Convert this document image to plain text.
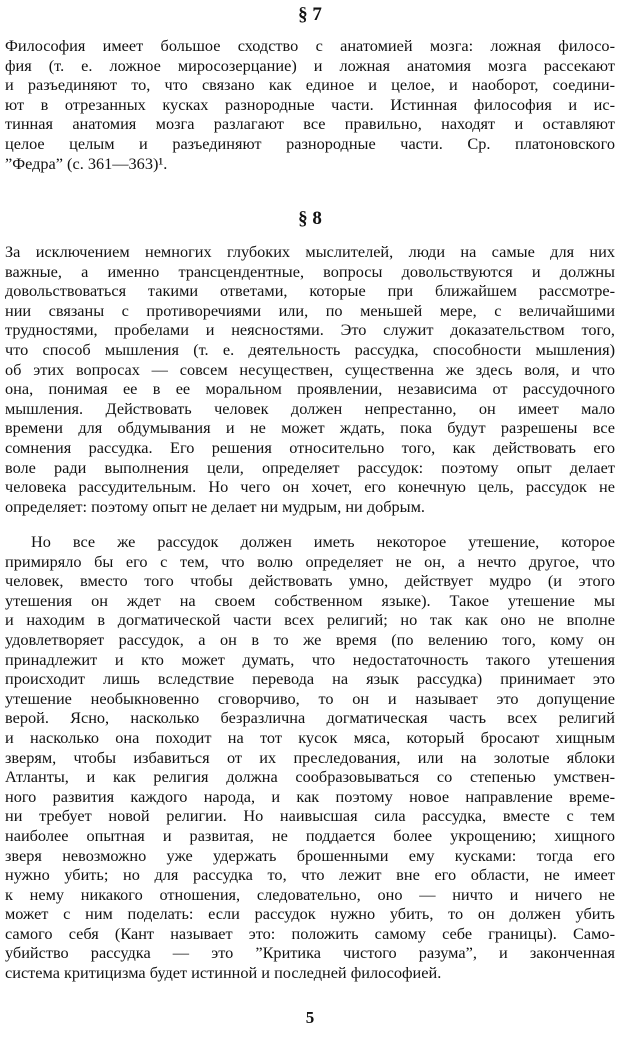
§ 7
Философия имеет большое сходство с анатомией мозга: ложная филосо-
фия (т. е. ложное миросозерцание) и ложная анатомия мозга рассекают
и разъединяют то, что связано как единое и целое, и наоборот, соедини-
ют в отрезанных кусках разнородные части. Истинная философия и ис-
тинная анатомия мозга разлагают все правильно, находят и оставляют
целое целым и разъединяют разнородные части. Ср. платоновского
”Федра” (с. 361—363)¹.
§ 8
За исключением немногих глубоких мыслителей, люди на самые для них
важные, а именно трансцендентные, вопросы довольствуются и должны
довольствоваться такими ответами, которые при ближайшем рассмотре-
нии связаны с противоречиями или, по меньшей мере, с величайшими
трудностями, пробелами и неясностями. Это служит доказательством того,
что способ мышления (т. е. деятельность рассудка, способности мышления)
об этих вопросах — совсем несуществен, существенна же здесь воля, и что
она, понимая ее в ее моральном проявлении, независима от рассудочного
мышления. Действовать человек должен непрестанно, он имеет мало
времени для обдумывания и не может ждать, пока будут разрешены все
сомнения рассудка. Его решения относительно того, как действовать его
воле ради выполнения цели, определяет рассудок: поэтому опыт делает
человека рассудительным. Но чего он хочет, его конечную цель, рассудок не
определяет: поэтому опыт не делает ни мудрым, ни добрым.
Но все же рассудок должен иметь некоторое утешение, которое
примиряло бы его с тем, что волю определяет не он, а нечто другое, что
человек, вместо того чтобы действовать умно, действует мудро (и этого
утешения он ждет на своем собственном языке). Такое утешение мы
и находим в догматической части всех религий; но так как оно не вполне
удовлетворяет рассудок, а он в то же время (по велению того, кому он
принадлежит и кто может думать, что недостаточность такого утешения
происходит лишь вследствие перевода на язык рассудка) принимает это
утешение необыкновенно сговорчиво, то он и называет это допущение
верой. Ясно, насколько безразлична догматическая часть всех религий
и насколько она походит на тот кусок мяса, который бросают хищным
зверям, чтобы избавиться от их преследования, или на золотые яблоки
Атланты, и как религия должна сообразовываться со степенью умствен-
ного развития каждого народа, и как поэтому новое направление време-
ни требует новой религии. Но наивысшая сила рассудка, вместе с тем
наиболее опытная и развитая, не поддается более укрощению; хищного
зверя невозможно уже удержать брошенными ему кусками: тогда его
нужно убить; но для рассудка то, что лежит вне его области, не имеет
к нему никакого отношения, следовательно, оно — ничто и ничего не
может с ним поделать: если рассудок нужно убить, то он должен убить
самого себя (Кант называет это: положить самому себе границы). Само-
убийство рассудка — это ”Критика чистого разума”, и законченная
система критицизма будет истинной и последней философией.
5
